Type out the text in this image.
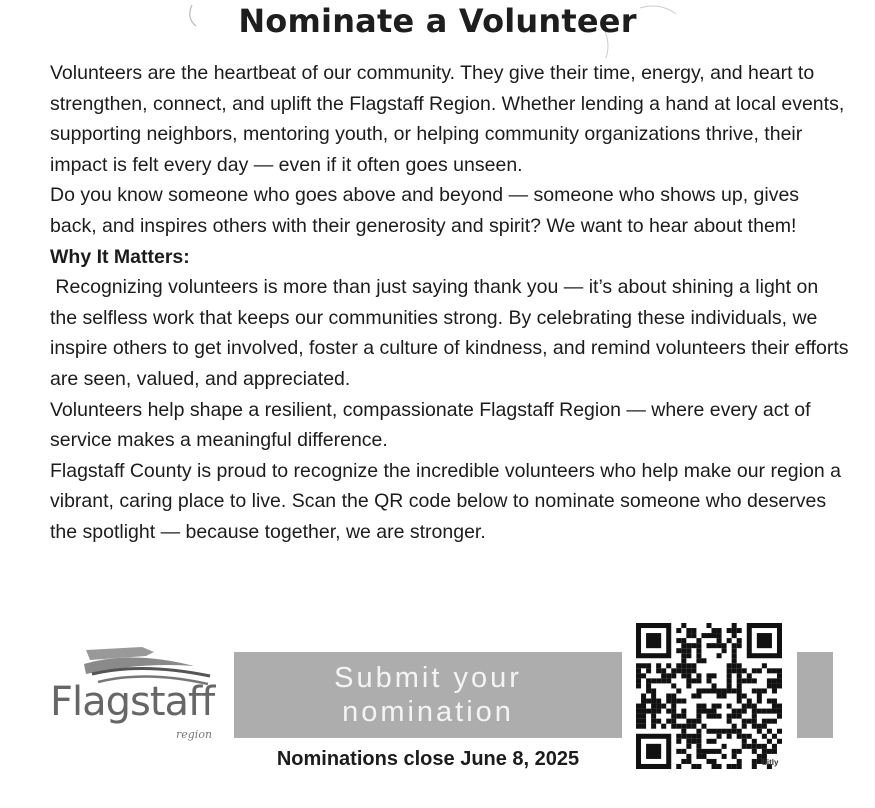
Nominate a Volunteer

Volunteers are the heartbeat of our community. They give their time, energy, and heart to strengthen, connect, and uplift the Flagstaff Region. Whether lending a hand at local events, supporting neighbors, mentoring youth, or helping community organizations thrive, their impact is felt every day — even if it often goes unseen.

Do you know someone who goes above and beyond — someone who shows up, gives back, and inspires others with their generosity and spirit? We want to hear about them!

Why It Matters:

Recognizing volunteers is more than just saying thank you — it’s about shining a light on the selfless work that keeps our communities strong. By celebrating these individuals, we inspire others to get involved, foster a culture of kindness, and remind volunteers their efforts are seen, valued, and appreciated.

Volunteers help shape a resilient, compassionate Flagstaff Region — where every act of service makes a meaningful difference.

Flagstaff County is proud to recognize the incredible volunteers who help make our region a vibrant, caring place to live. Scan the QR code below to nominate someone who deserves the spotlight — because together, we are stronger.

Flagstaff
region
Submit your
nomination
Nominations close June 8, 2025	bitly
